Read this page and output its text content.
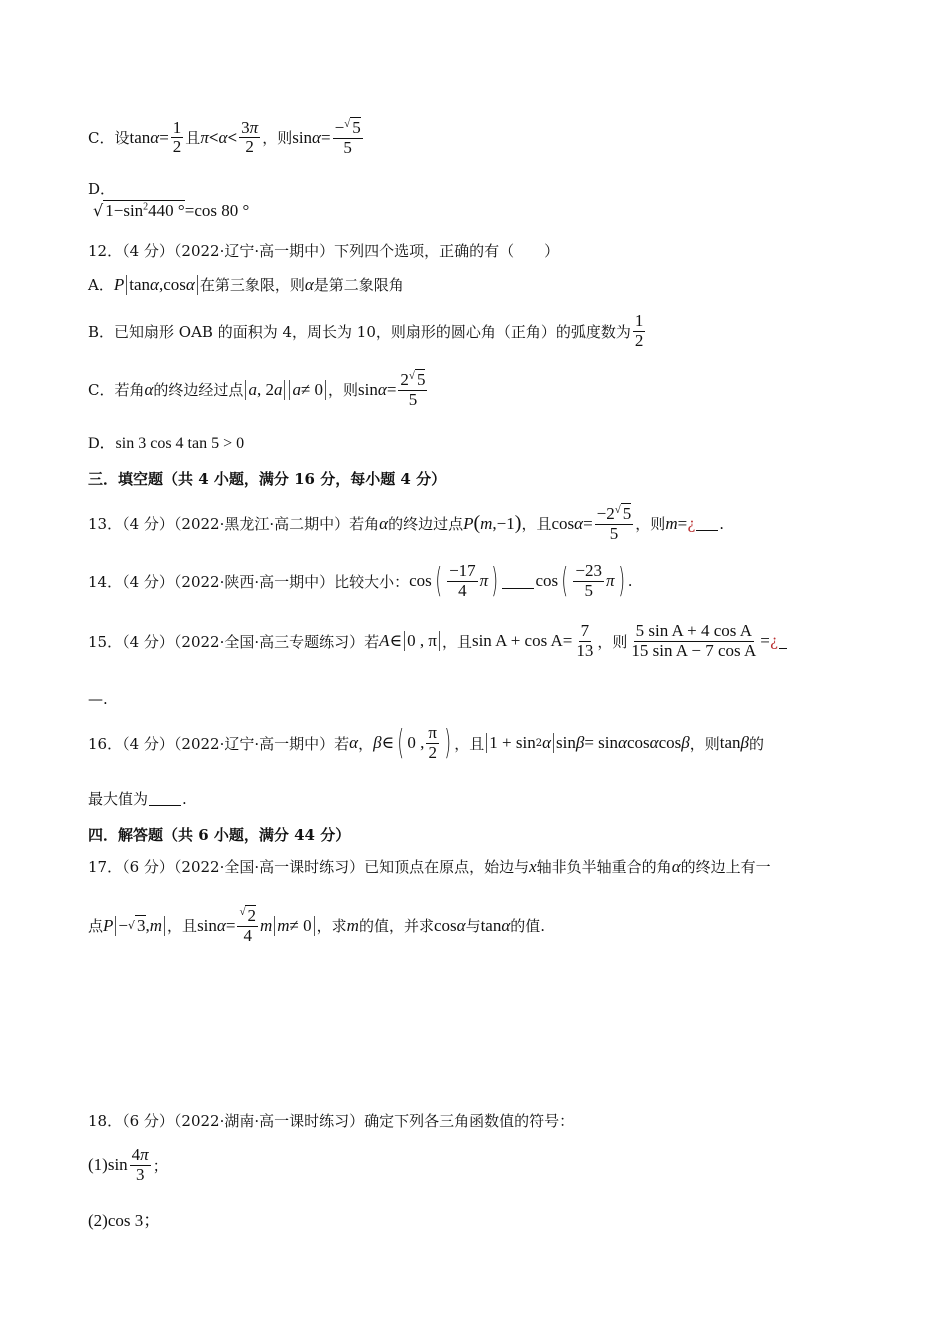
C．设 $\tan \alpha = \frac{1}{2}$ 且 $\pi < \alpha < \frac{3\pi}{2}$ ，则 $\sin \alpha = \frac{-^√ 5}{5}$
D．
√ $1-\sin^2440$ ° =cos 80 °
12．（4 分）（2022·辽宁·高一期中）下列四个选项，正确的有（　　）
A． P tan α , cos α 在第三象限，则 α 是第二象限角
B．已知扇形 OAB 的面积为 4，周长为 10，则扇形的圆心角（正角）的弧度数为 $\frac{1}{2}$
C．若角 α 的终边经过点 a , 2 a a ≠ 0 ，则 $\sin \alpha = \frac{2^√ 5}{5}$
D．sin 3 cos 4 tan 5 > 0
三．填空题（共 4 小题，满分 16 分，每小题 4 分）
13．（4 分）（2022·黑龙江·高二期中）若角 α 的终边过点 P ( m ,−1 ) ，且 $\cos \alpha = \frac{-2^√ 5}{5}$ ，则 m = ¿ .
14．（4 分）（2022·陕西·高一期中）比较大小： cos ( $\frac{-17}{4}$ π ) cos ( $\frac{-23}{5}$ π ) .
15．（4 分）（2022·全国·高三专题练习）若 A ∈ 0 , π ，且 $\sin A + \cos A = \frac{7}{13}$ ，则 $\frac{\text{5 sin A + 4 cos A}}{\text{15 sin A − 7 cos A}}$ = ¿
—.
16．（4 分）（2022·辽宁·高一期中）若 α ， β ∈ ( 0 , $\frac{\pi}{2}$ ) ，且 1 + sin 2 α sin β = sin α cos α cos β ，则 tan β 的
最大值为 .
四．解答题（共 6 小题，满分 44 分）
17．（6 分）（2022·全国·高一课时练习）已知顶点在原点，始边与 x 轴非负半轴重合的角 α 的终边上有一
点 P − √ 3 , m ，且 $\sin \alpha = \frac{^√ 2}{4}$ m m ≠ 0 ，求 m 的值，并求 cos α 与 tan α 的值.
18．（6 分）（2022·湖南·高一课时练习）确定下列各三角函数值的符号：
$(1)\sin \frac{4\pi}{3}$ ；
(2)cos 3；
